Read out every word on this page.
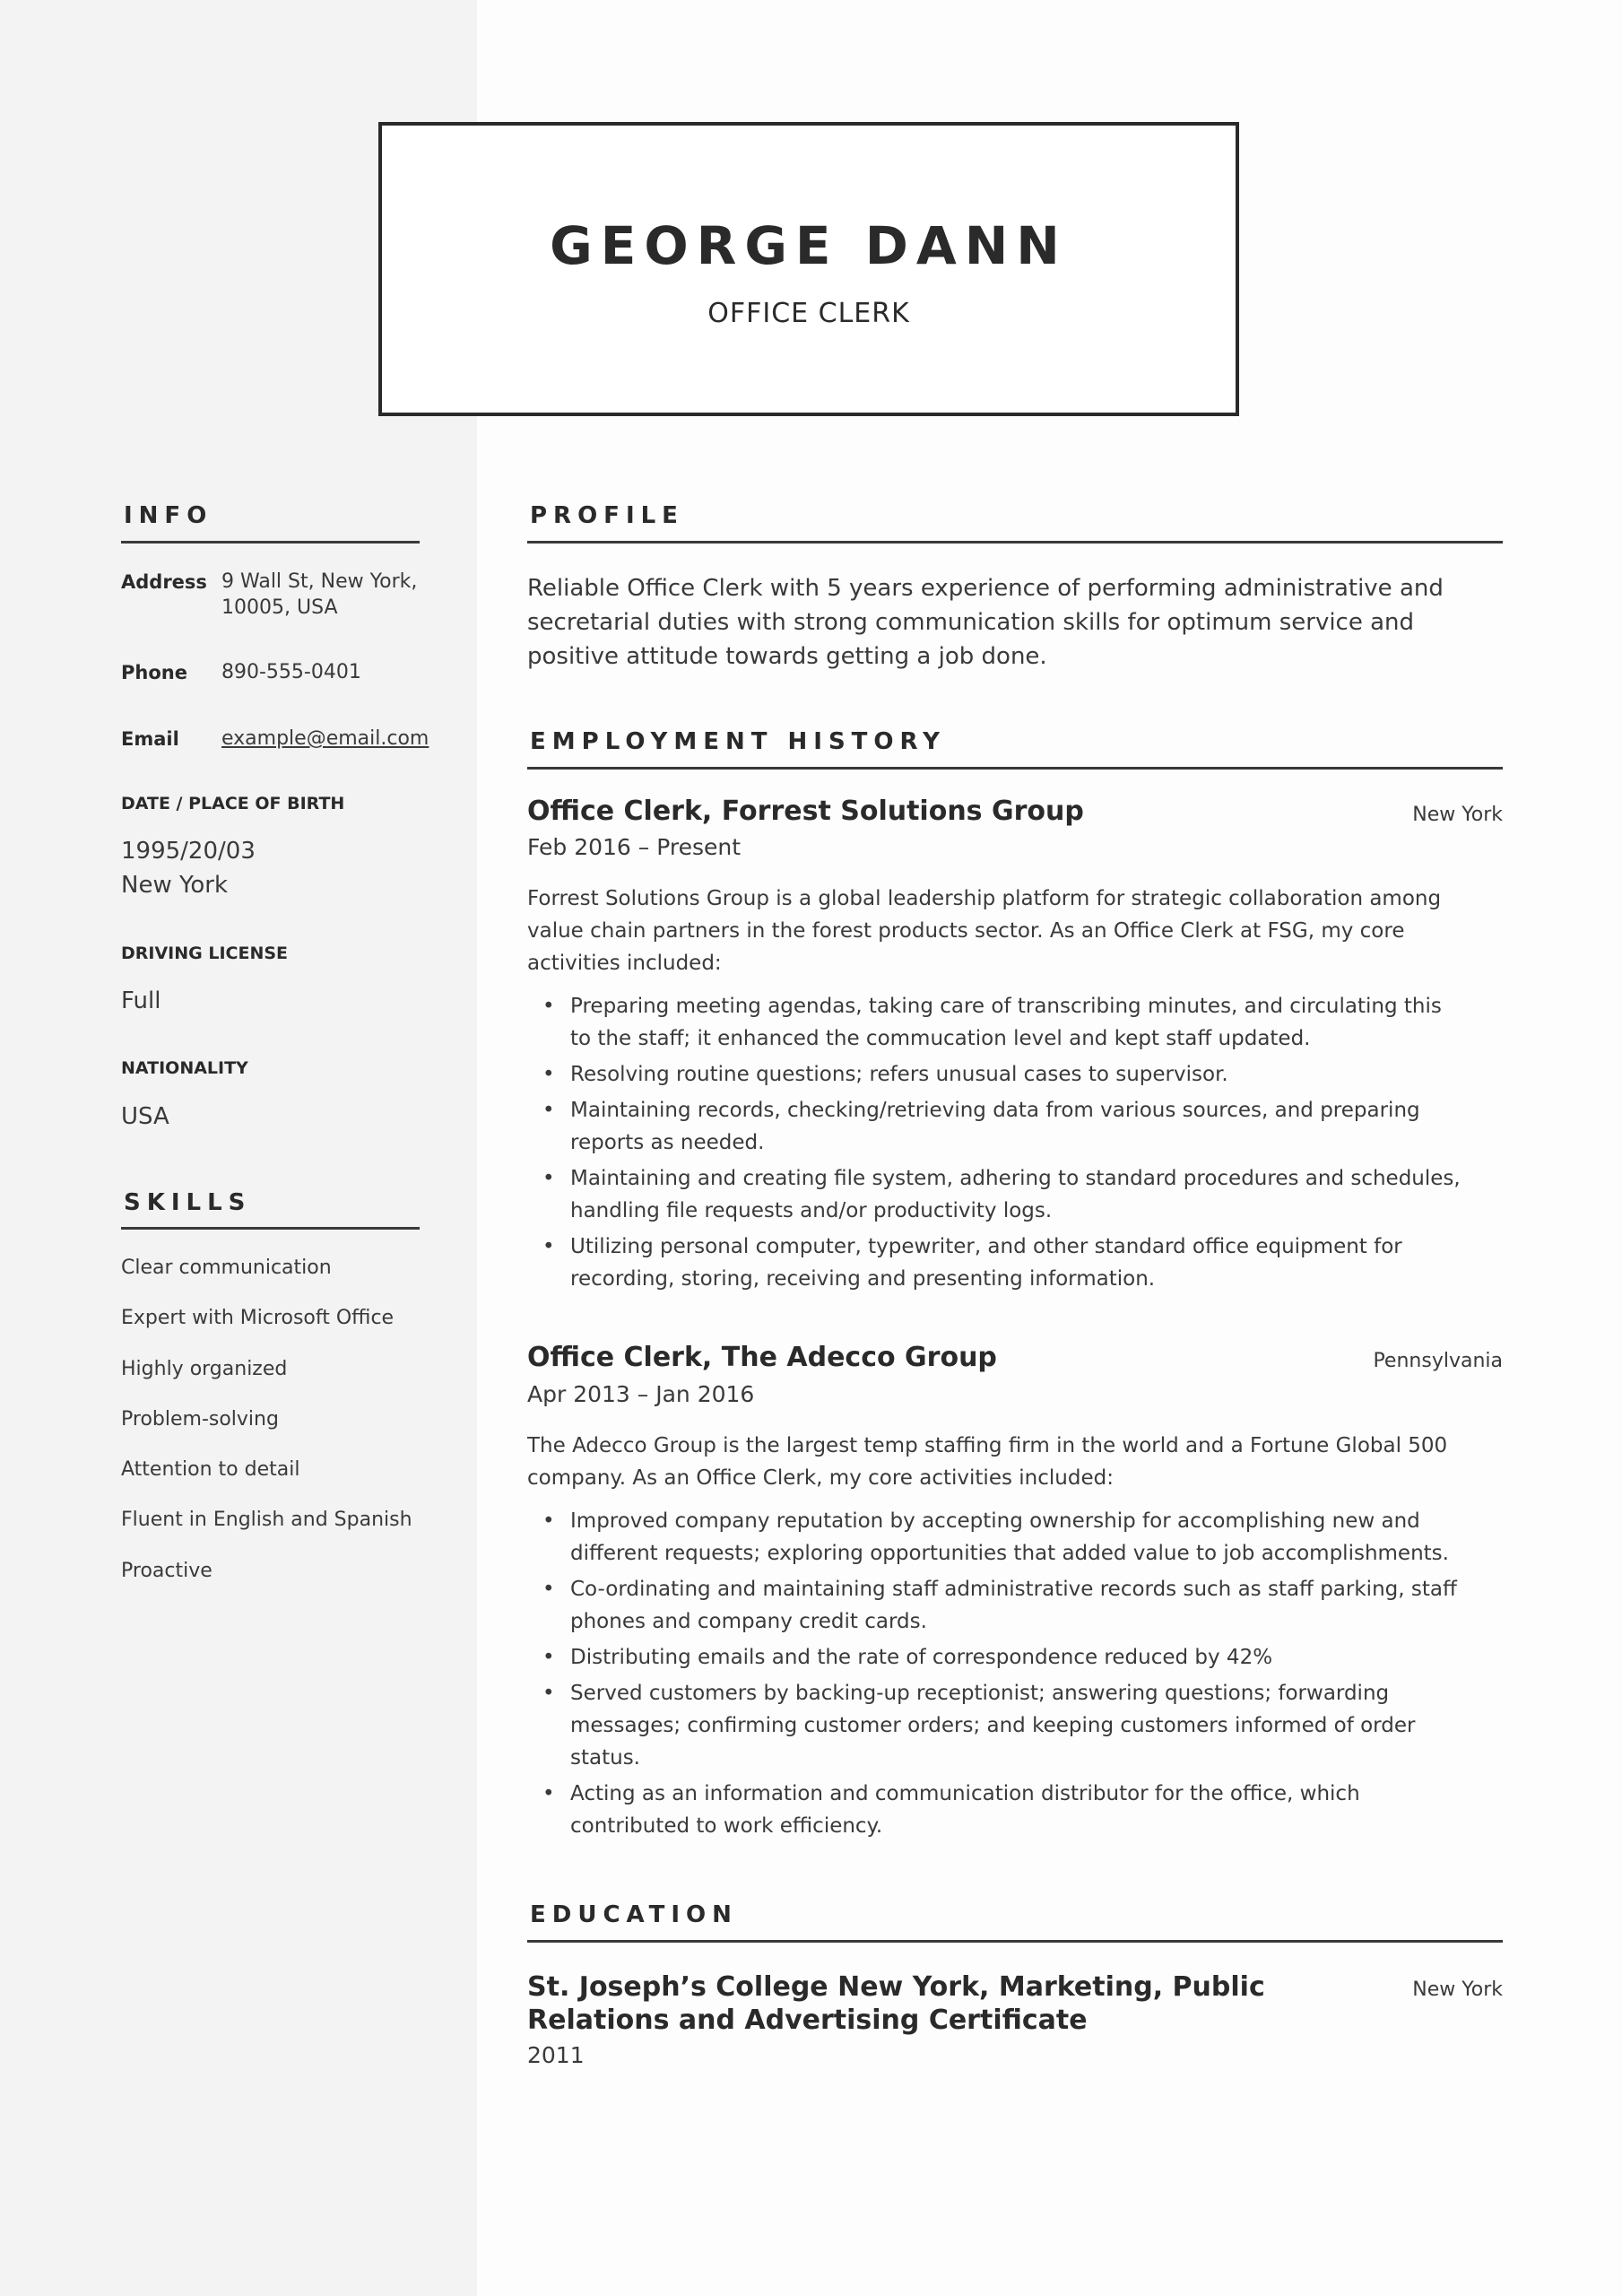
GEORGE DANN
OFFICE CLERK
INFO
Address 9 Wall St, New York,
10005, USA
Phone 890-555-0401
Email example@email.com
DATE / PLACE OF BIRTH
1995/20/03
New York
DRIVING LICENSE
Full
NATIONALITY
USA
SKILLS
Clear communication
Expert with Microsoft Office
Highly organized
Problem-solving
Attention to detail
Fluent in English and Spanish
Proactive
PROFILE
Reliable Office Clerk with 5 years experience of performing administrative and
secretarial duties with strong communication skills for optimum service and
positive attitude towards getting a job done.
EMPLOYMENT HISTORY
Office Clerk, Forrest Solutions Group	New York
Feb 2016 – Present
Forrest Solutions Group is a global leadership platform for strategic collaboration among
value chain partners in the forest products sector. As an Office Clerk at FSG, my core
activities included:
• Preparing meeting agendas, taking care of transcribing minutes, and circulating this
to the staff; it enhanced the commucation level and kept staff updated.
• Resolving routine questions; refers unusual cases to supervisor.
• Maintaining records, checking/retrieving data from various sources, and preparing
reports as needed.
• Maintaining and creating file system, adhering to standard procedures and schedules,
handling file requests and/or productivity logs.
• Utilizing personal computer, typewriter, and other standard office equipment for
recording, storing, receiving and presenting information.
Office Clerk, The Adecco Group	Pennsylvania
Apr 2013 – Jan 2016
The Adecco Group is the largest temp staffing firm in the world and a Fortune Global 500
company. As an Office Clerk, my core activities included:
• Improved company reputation by accepting ownership for accomplishing new and
different requests; exploring opportunities that added value to job accomplishments.
• Co-ordinating and maintaining staff administrative records such as staff parking, staff
phones and company credit cards.
• Distributing emails and the rate of correspondence reduced by 42%
• Served customers by backing-up receptionist; answering questions; forwarding
messages; confirming customer orders; and keeping customers informed of order
status.
• Acting as an information and communication distributor for the office, which
contributed to work efficiency.
EDUCATION
St. Joseph’s College New York, Marketing, Public
Relations and Advertising Certificate
New York
2011
